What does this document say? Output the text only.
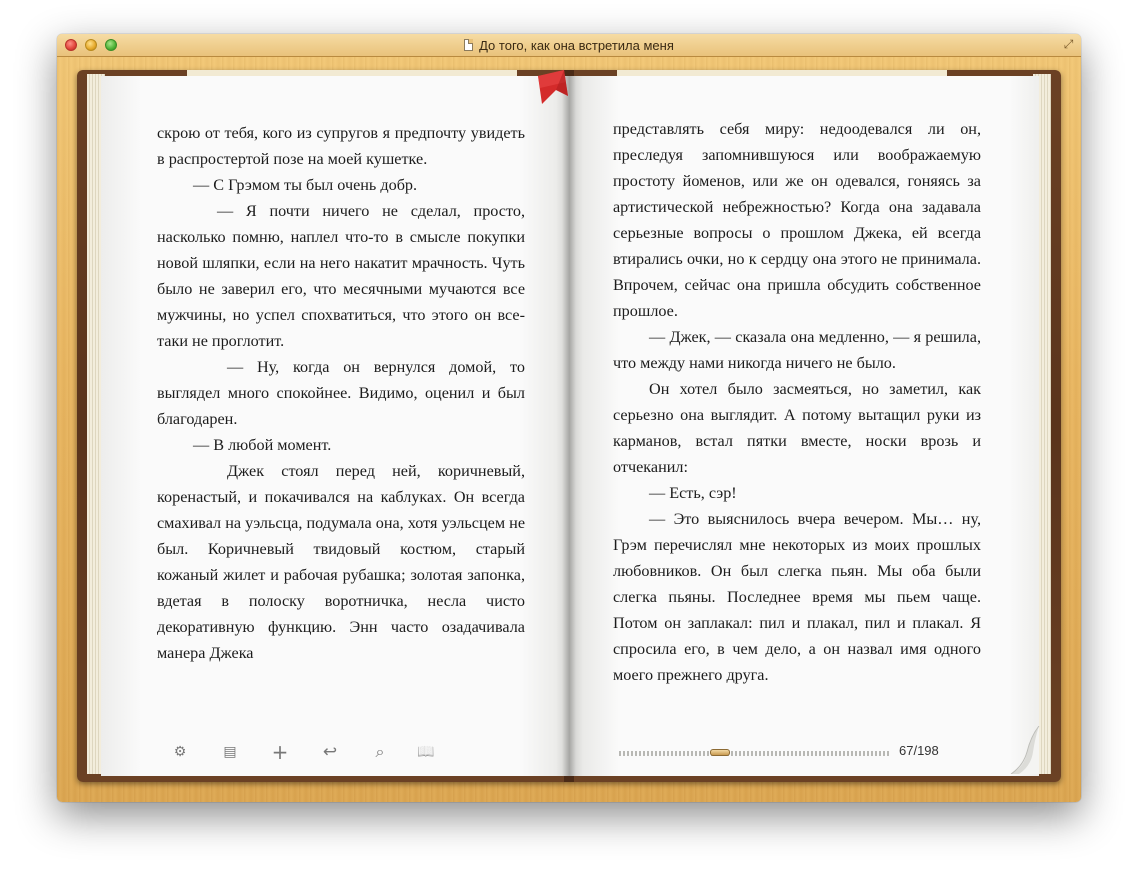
До того, как она встретила меня	⤢

скрою от тебя, кого из супругов я предпочту увидеть в распростертой позе на моей кушетке.

— С Грэмом ты был очень добр.

— Я почти ничего не сделал, просто, насколько помню, наплел что-то в смысле покупки новой шляпки, если на него накатит мрачность. Чуть было не заверил его, что месячными мучаются все мужчины, но успел спохватиться, что этого он все-таки не проглотит.

— Ну, когда он вернулся домой, то выглядел много спокойнее. Видимо, оценил и был благодарен.

— В любой момент.

Джек стоял перед ней, коричневый, коренастый, и покачивался на каблуках. Он всегда смахивал на уэльсца, подумала она, хотя уэльсцем не был. Коричневый твидовый костюм, старый кожаный жилет и рабочая рубашка; золотая запонка, вдетая в полоску воротничка, несла чисто декоративную функцию. Энн часто озадачивала манера Джека

представлять себя миру: недоодевался ли он, преследуя запомнившуюся или воображаемую простоту йоменов, или же он одевался, гоняясь за артистической небрежностью? Когда она задавала серьезные вопросы о прошлом Джека, ей всегда втирались очки, но к сердцу она этого не принимала. Впрочем, сейчас она пришла обсудить собственное прошлое.

— Джек, — сказала она медленно, — я решила, что между нами никогда ничего не было.

Он хотел было засмеяться, но заметил, как серьезно она выглядит. А потому вытащил руки из карманов, встал пятки вместе, носки врозь и отчеканил:

— Есть, сэр!

— Это выяснилось вчера вечером. Мы… ну, Грэм перечислял мне некоторых из моих прошлых любовников. Он был слегка пьян. Мы оба были слегка пьяны. Последнее время мы пьем чаще. Потом он заплакал: пил и плакал, пил и плакал. Я спросила его, в чем дело, а он назвал имя одного моего прежнего друга.

⚙	▤ + ↩	⌕	📖	67/198
